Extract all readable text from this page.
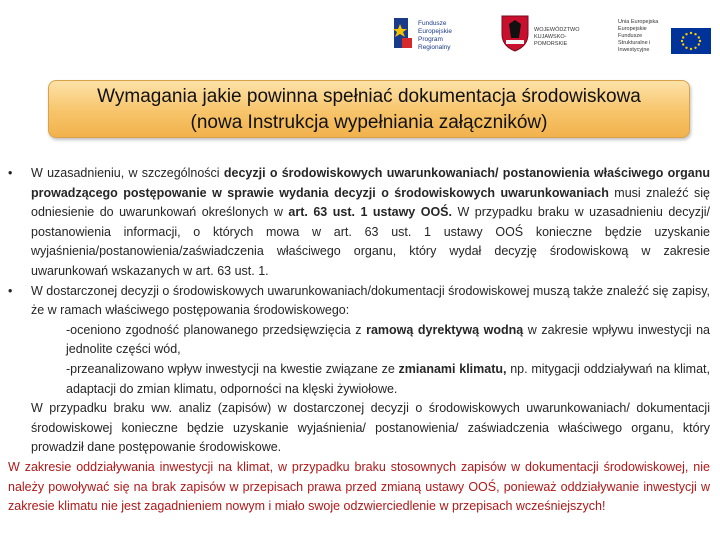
Fundusze
Europejskie
Program Regionalny
WOJEWÓDZTWO
KUJAWSKO-POMORSKIE
Unia Europejska
Europejskie Fundusze
Strukturalne i Inwestycyjne
Wymagania jakie powinna spełniać dokumentacja środowiskowa
(nowa Instrukcja wypełniania załączników)
• W uzasadnieniu, w szczególności decyzji o środowiskowych uwarunkowaniach/ postanowienia właściwego organu prowadzącego postępowanie w sprawie wydania decyzji o środowiskowych uwarunkowaniach musi znaleźć się odniesienie do uwarunkowań określonych w art. 63 ust. 1 ustawy OOŚ. W przypadku braku w uzasadnieniu decyzji/ postanowienia informacji, o których mowa w art. 63 ust. 1 ustawy OOŚ konieczne będzie uzyskanie wyjaśnienia/postanowienia/zaświadczenia właściwego organu, który wydał decyzję środowiskową w zakresie uwarunkowań wskazanych w art. 63 ust. 1.
• W dostarczonej decyzji o środowiskowych uwarunkowaniach/dokumentacji środowiskowej muszą także znaleźć się zapisy, że w ramach właściwego postępowania środowiskowego:
-oceniono zgodność planowanego przedsięwzięcia z ramową dyrektywą wodną w zakresie wpływu inwestycji na jednolite części wód,
-przeanalizowano wpływ inwestycji na kwestie związane ze zmianami klimatu, np. mitygacji oddziaływań na klimat, adaptacji do zmian klimatu, odporności na klęski żywiołowe.
W przypadku braku ww. analiz (zapisów) w dostarczonej decyzji o środowiskowych uwarunkowaniach/ dokumentacji środowiskowej konieczne będzie uzyskanie wyjaśnienia/ postanowienia/ zaświadczenia właściwego organu, który prowadził dane postępowanie środowiskowe.
W zakresie oddziaływania inwestycji na klimat, w przypadku braku stosownych zapisów w dokumentacji środowiskowej, nie należy powoływać się na brak zapisów w przepisach prawa przed zmianą ustawy OOŚ, ponieważ oddziaływanie inwestycji w zakresie klimatu nie jest zagadnieniem nowym i miało swoje odzwierciedlenie w przepisach wcześniejszych!
